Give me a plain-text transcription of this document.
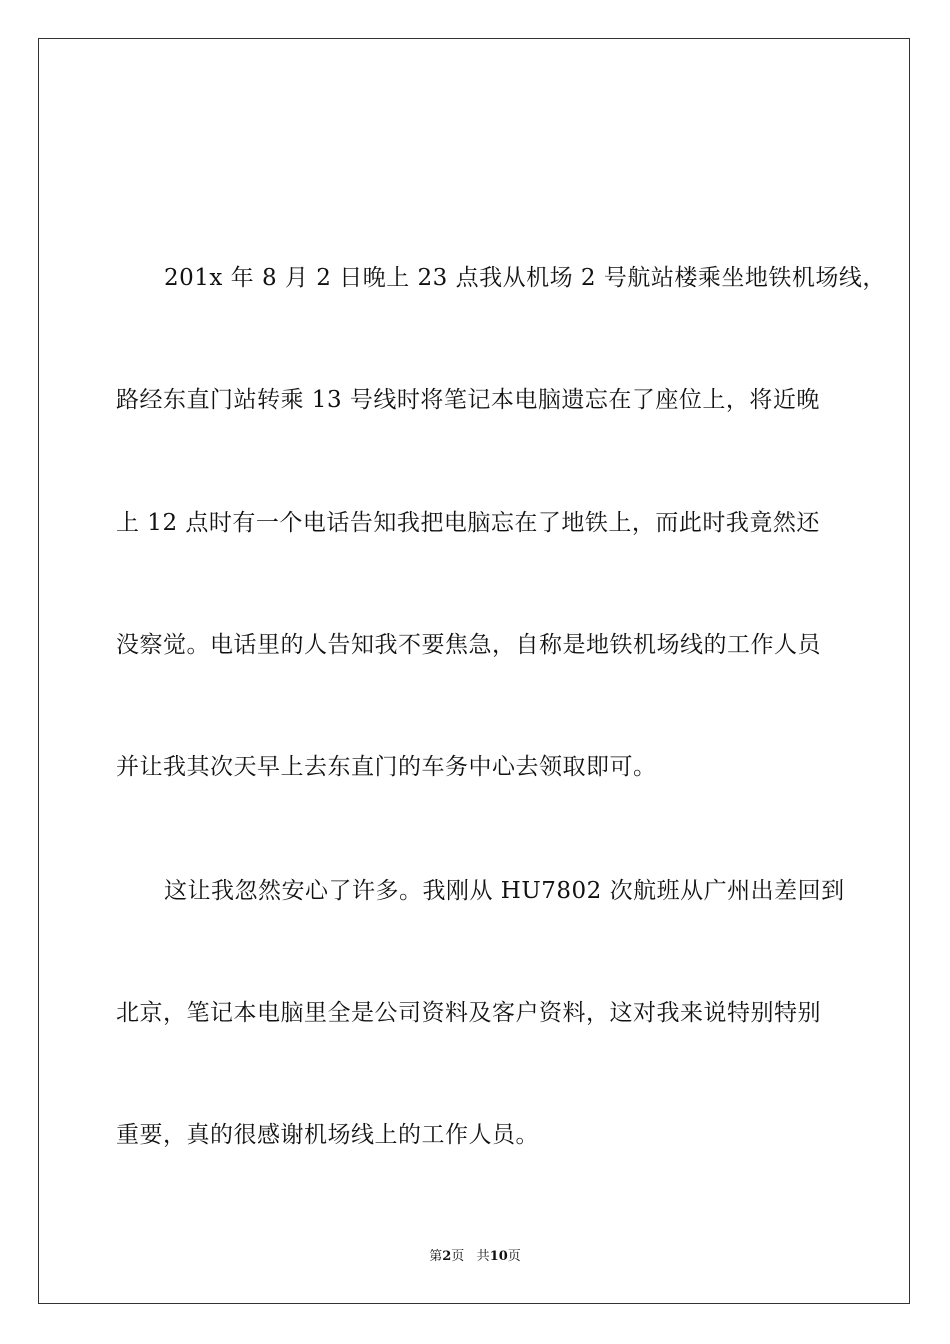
201x 年 8 月 2 日晚上 23 点我从机场 2 号航站楼乘坐地铁机场线，
路经东直门站转乘 13 号线时将笔记本电脑遗忘在了座位上，将近晚
上 12 点时有一个电话告知我把电脑忘在了地铁上，而此时我竟然还
没察觉。电话里的人告知我不要焦急，自称是地铁机场线的工作人员
并让我其次天早上去东直门的车务中心去领取即可。
这让我忽然安心了许多。我刚从 HU7802 次航班从广州出差回到
北京，笔记本电脑里全是公司资料及客户资料，这对我来说特别特别
重要，真的很感谢机场线上的工作人员。
第2页 共10页
